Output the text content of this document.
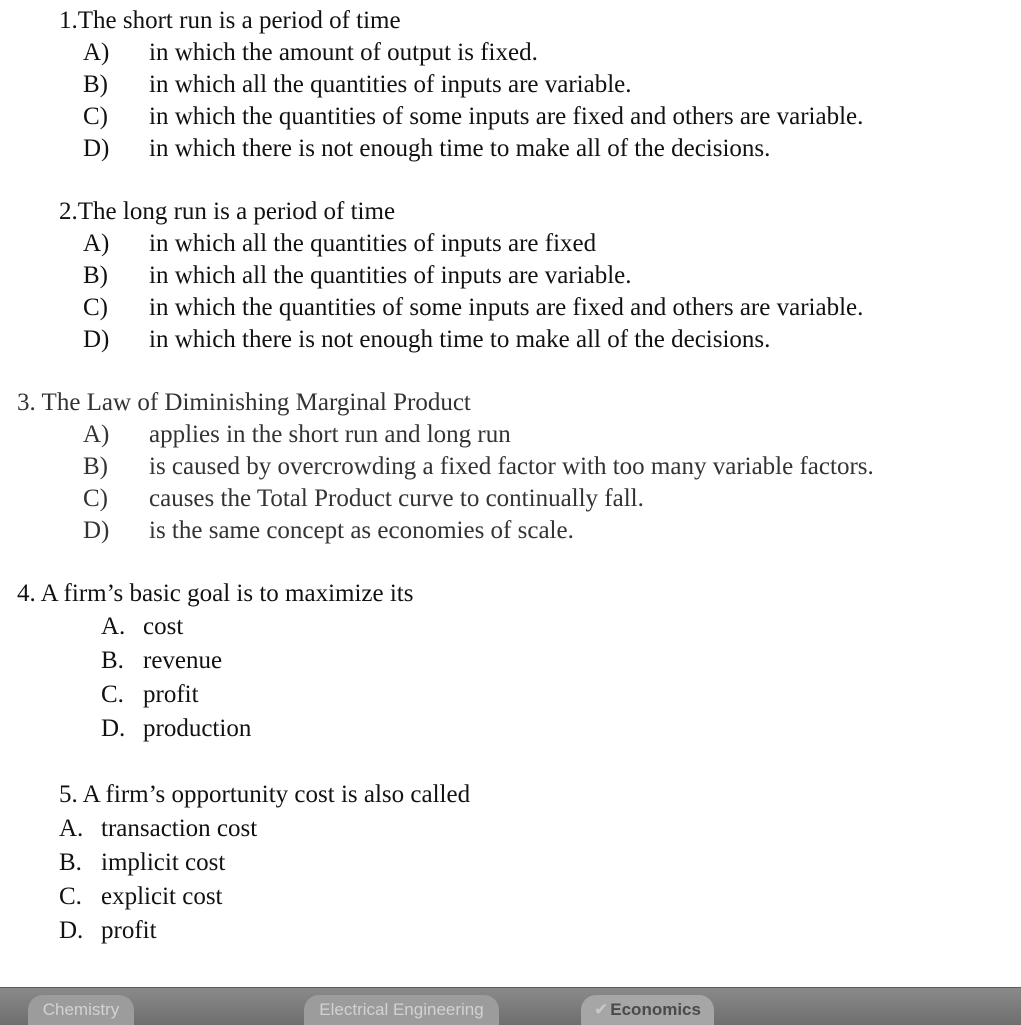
1.The short run is a period of time
A) in which the amount of output is fixed.
B) in which all the quantities of inputs are variable.
C) in which the quantities of some inputs are fixed and others are variable.
D) in which there is not enough time to make all of the decisions.
2.The long run is a period of time
A) in which all the quantities of inputs are fixed
B) in which all the quantities of inputs are variable.
C) in which the quantities of some inputs are fixed and others are variable.
D) in which there is not enough time to make all of the decisions.
3. The Law of Diminishing Marginal Product
A) applies in the short run and long run
B) is caused by overcrowding a fixed factor with too many variable factors.
C) causes the Total Product curve to continually fall.
D) is the same concept as economies of scale.
4. A firm’s basic goal is to maximize its
A. cost
B. revenue
C. profit
D. production
5. A firm’s opportunity cost is also called
A. transaction cost
B. implicit cost
C. explicit cost
D. profit
Chemistry	Electrical Engineering	✔ Economics
